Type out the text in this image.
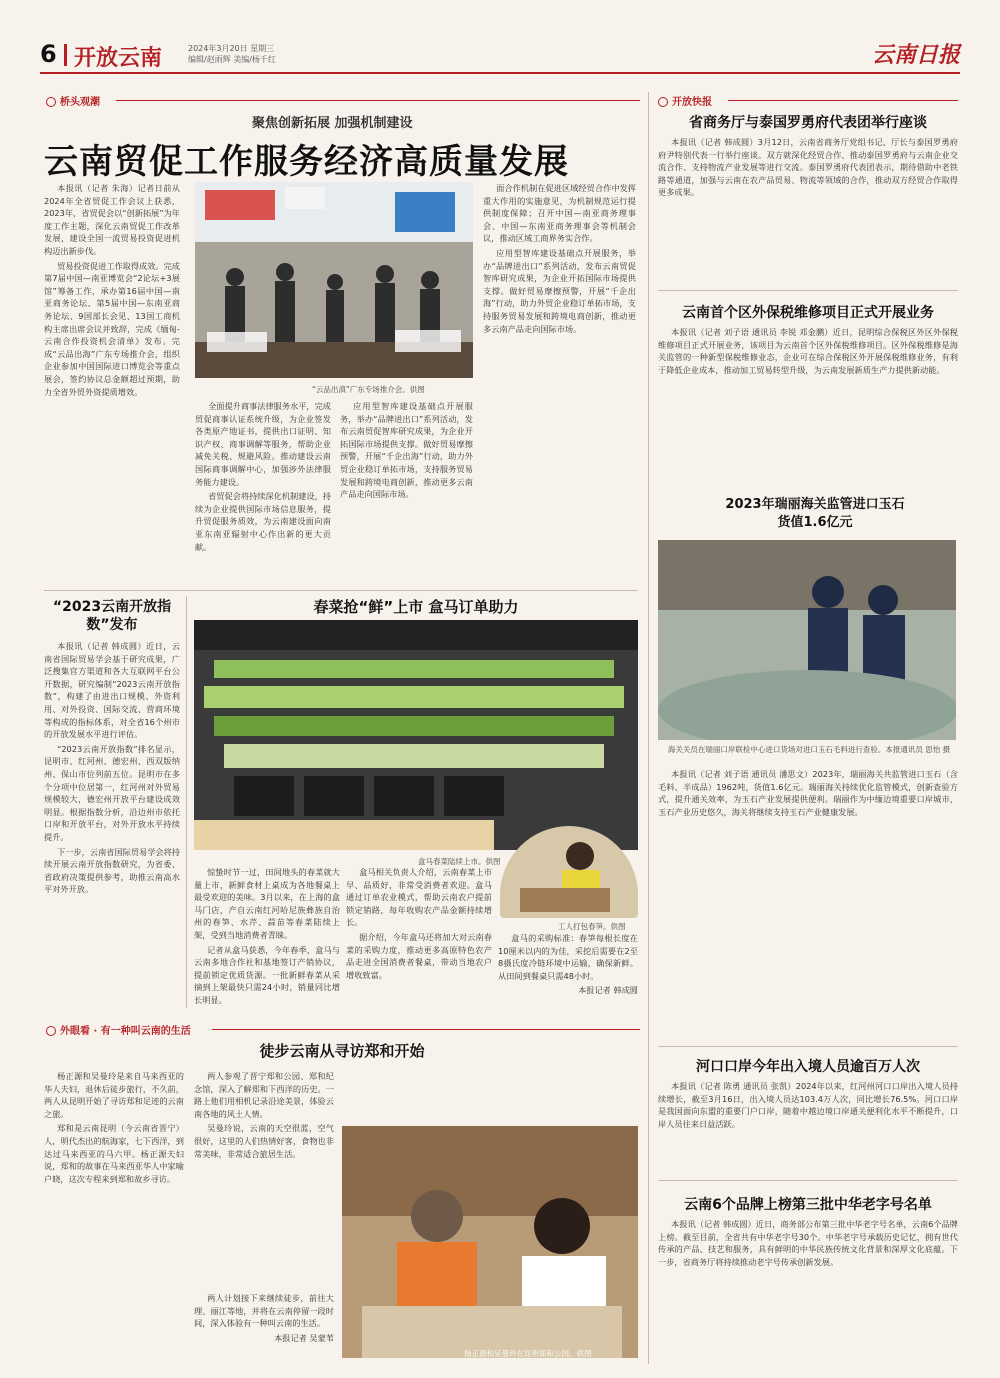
6 开放云南	2024年3月20日 星期三
编辑/赵雨辉 美编/杨千红	云南日报
桥头观潮
聚焦创新拓展 加强机制建设
云南贸促工作服务经济高质量发展

本报讯（记者 朱海）记者日前从2024年全省贸促工作会议上获悉，2023年，省贸促会以“创新拓展”为年度工作主题，深化云南贸促工作改革发展，建设全国一流贸易投资促进机构迈出新步伐。

贸易投资促进工作取得成效。完成第7届中国—南亚博览会“2论坛+3展馆”筹备工作，承办第16届中国—南亚商务论坛、第5届中国—东南亚商务论坛、9国部长会见、13国工商机构主席出席会议并致辞，完成《缅甸-云南合作投资机会清单》发布。完成“云品出海”广东专场推介会，组织企业参加中国国际进口博览会等重点展会，签约协议总金额超过预期，助力全省外贸外资提质增效。	“云品出滇”广东专场推介会。供图

全面提升商事法律服务水平，完成贸促商事认证系统升级，为企业签发各类原产地证书，提供出口证明、知识产权、商事调解等服务，帮助企业减免关税、规避风险。推动建设云南国际商事调解中心，加强涉外法律服务能力建设。

省贸促会将持续深化机制建设，持续为企业提供国际市场信息服务，提升贸促服务质效，为云南建设面向南亚东南亚辐射中心作出新的更大贡献。

应用型智库建设基础点开展服务，举办“品牌进出口”系列活动，发布云南贸促智库研究成果，为企业开拓国际市场提供支撑。做好贸易摩擦预警，开展“千企出海”行动，助力外贸企业稳订单拓市场，支持服务贸易发展和跨境电商创新，推动更多云南产品走向国际市场。

面合作机制在促进区域经贸合作中发挥重大作用的实施意见，为机制规范运行提供制度保障；召开中国—南亚商务理事会、中国—东南亚商务理事会等机制会议，推动区域工商界务实合作。

应用型智库建设基础点开展服务，举办“品牌进出口”系列活动，发布云南贸促智库研究成果，为企业开拓国际市场提供支撑。做好贸易摩擦预警，开展“千企出海”行动，助力外贸企业稳订单拓市场，支持服务贸易发展和跨境电商创新，推动更多云南产品走向国际市场。

“2023云南开放指数”发布

本报讯（记者 韩成圆）近日，云南省国际贸易学会基于研究成果，广泛搜集官方渠道和各大互联网平台公开数据，研究编制“2023云南开放指数”，构建了由进出口规模、外资利用、对外投资、国际交流、营商环境等构成的指标体系，对全省16个州市的开放发展水平进行评估。

“2023云南开放指数”排名显示，昆明市、红河州、德宏州、西双版纳州、保山市位列前五位。昆明市在多个分项中位居第一，红河州对外贸易规模较大，德宏州开放平台建设成效明显。根据指数分析，沿边州市依托口岸和开放平台，对外开放水平持续提升。

下一步，云南省国际贸易学会将持续开展云南开放指数研究，为省委、省政府决策提供参考，助推云南高水平对外开放。

春菜抢“鲜”上市 盒马订单助力
盒马春菜陆续上市。供图
工人打包春笋。供图

惊蛰时节一过，田间地头的春菜就大量上市，新鲜食材上桌成为各地餐桌上最受欢迎的美味。3月以来，在上海的盒马门店，产自云南红河哈尼族彝族自治州的春笋、水芹、蒜苗等春菜陆续上架，受到当地消费者青睐。

记者从盒马获悉，今年春季，盒马与云南多地合作社和基地签订产销协议，提前锁定优质货源。一批新鲜春菜从采摘到上架最快只需24小时，销量同比增长明显。

盒马相关负责人介绍，云南春菜上市早、品质好，非常受消费者欢迎。盒马通过订单农业模式，帮助云南农户提前锁定销路，每年收购农产品金额持续增长。

据介绍，今年盒马还将加大对云南春菜的采购力度，推动更多高原特色农产品走进全国消费者餐桌，带动当地农户增收致富。

盒马的采购标准：春笋每根长度在10厘米以内的为佳，采挖后需要在2至8摄氏度冷链环境中运输，确保新鲜。从田间到餐桌只需48小时。

本报记者 韩成圆

外眼看 · 有一种叫云南的生活
徒步云南从寻访郑和开始

杨正源和吴曼玲是来自马来西亚的华人夫妇，退休后徒步旅行，不久前，两人从昆明开始了寻访郑和足迹的云南之旅。

郑和是云南昆明（今云南省晋宁）人，明代杰出的航海家，七下西洋，到达过马来西亚的马六甲。杨正源夫妇说，郑和的故事在马来西亚华人中家喻户晓，这次专程来到郑和故乡寻访。

两人参观了晋宁郑和公园、郑和纪念馆，深入了解郑和下西洋的历史。一路上他们用相机记录沿途美景，体验云南各地的风土人情。

吴曼玲说，云南的天空很蓝，空气很好，这里的人们热情好客，食物也非常美味，非常适合旅居生活。

两人计划接下来继续徒步，前往大理、丽江等地，并将在云南停留一段时间，深入体验有一种叫云南的生活。

本报记者 吴蒙苇

杨正源和吴曼玲在昆明郑和公园。供图
开放快报
省商务厅与泰国罗勇府代表团举行座谈

本报讯（记者 韩成圆）3月12日，云南省商务厅党组书记、厅长与泰国罗勇府府尹特别代表一行举行座谈。双方就深化经贸合作、推动泰国罗勇府与云南企业交流合作、支持物流产业发展等进行交流。泰国罗勇府代表团表示，期待借助中老铁路等通道，加强与云南在农产品贸易、物流等领域的合作，推动双方经贸合作取得更多成果。

云南首个区外保税维修项目正式开展业务

本报讯（记者 刘子语 通讯员 李锐 邓金鹏）近日，昆明综合保税区外区外保税维修项目正式开展业务，该项目为云南首个区外保税维修项目。区外保税维修是海关监管的一种新型保税维修业态，企业可在综合保税区外开展保税维修业务，有利于降低企业成本，推动加工贸易转型升级，为云南发展新质生产力提供新动能。

2023年瑞丽海关监管进口玉石货值1.6亿元
海关关员在瑞丽口岸联检中心进口货场对进口玉石毛料进行查验。本报通讯员 思怡 摄

本报讯（记者 刘子语 通讯员 潘思文）2023年，瑞丽海关共监管进口玉石（含毛料、半成品）1962吨，货值1.6亿元。瑞丽海关持续优化监管模式，创新查验方式，提升通关效率，为玉石产业发展提供便利。瑞丽作为中缅边境重要口岸城市，玉石产业历史悠久，海关将继续支持玉石产业健康发展。

河口口岸今年出入境人员逾百万人次

本报讯（记者 陈勇 通讯员 张凯）2024年以来，红河州河口口岸出入境人员持续增长，截至3月16日，出入境人员达103.4万人次，同比增长76.5%。河口口岸是我国面向东盟的重要门户口岸，随着中越边境口岸通关便利化水平不断提升，口岸人员往来日益活跃。

云南6个品牌上榜第三批中华老字号名单

本报讯（记者 韩成圆）近日，商务部公布第三批中华老字号名单，云南6个品牌上榜。截至目前，全省共有中华老字号30个。中华老字号承载历史记忆，拥有世代传承的产品、技艺和服务，具有鲜明的中华民族传统文化背景和深厚文化底蕴。下一步，省商务厅将持续推动老字号传承创新发展。
